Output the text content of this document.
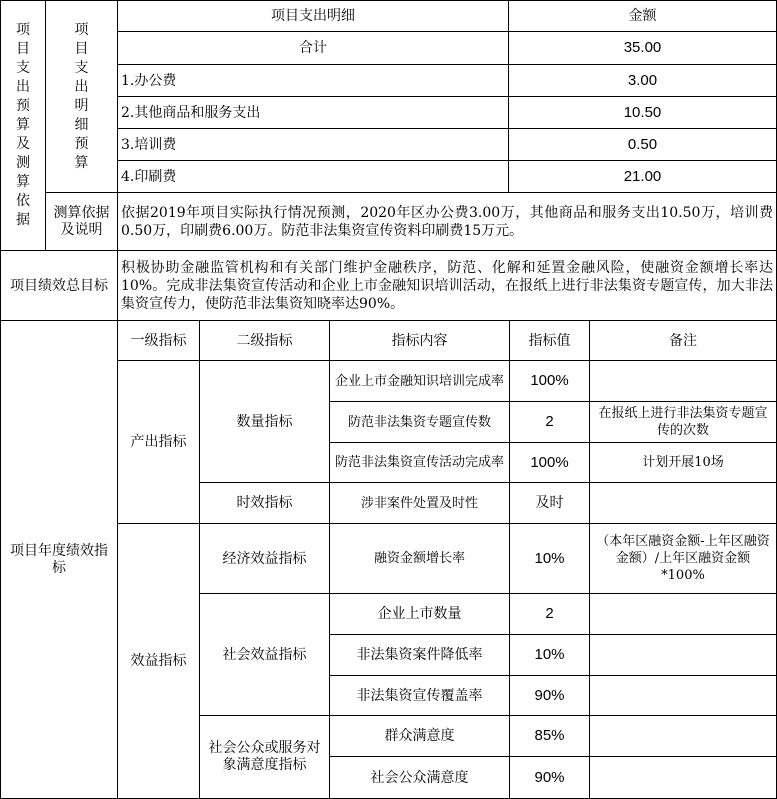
项
目
支
出
预
算
及
测
算
依
据
项
目
支
出
明
细
预
算
项目支出明细	金额
合计	35.00
1.办公费	3.00
2.其他商品和服务支出	10.50
3.培训费	0.50
4.印刷费	21.00
测算依据及说明
依据2019年项目实际执行情况预测，2020年区办公费3.00万，其他商品和服务支出10.50万，培训费0.50万，印刷费6.00万。防范非法集资宣传资料印刷费15万元。
项目绩效总目标
积极协助金融监管机构和有关部门维护金融秩序，防范、化解和延置金融风险，使融资金额增长率达10%。完成非法集资宣传活动和企业上市金融知识培训活动，在报纸上进行非法集资专题宣传，加大非法集资宣传力，使防范非法集资知晓率达90%。
项目年度绩效指标
一级指标	二级指标	指标内容	指标值	备注
产出指标
数量指标
企业上市金融知识培训完成率	100%
防范非法集资专题宣传数	2	在报纸上进行非法集资专题宣传的次数
防范非法集资宣传活动完成率	100%	计划开展10场
时效指标	涉非案件处置及时性	及时
效益指标
经济效益指标	融资金额增长率	10%
（本年区融资金额-上年区融资金额）/上年区融资金额*100%
社会效益指标
企业上市数量	2
非法集资案件降低率	10%
非法集资宣传覆盖率	90%
社会公众或服务对象满意度指标
群众满意度	85%
社会公众满意度	90%
